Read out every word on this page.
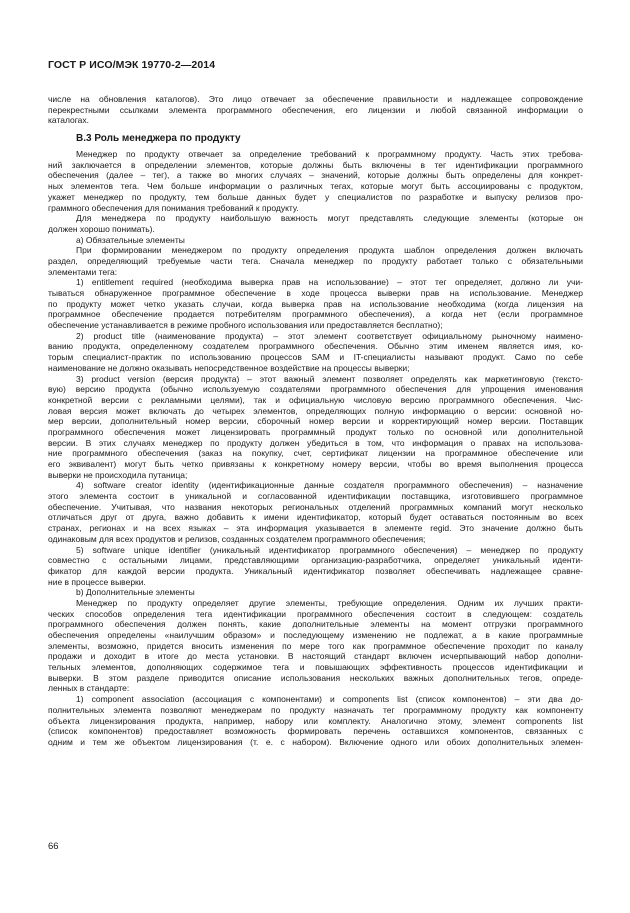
ГОСТ Р ИСО/МЭК 19770-2—2014
числе на обновления каталогов). Это лицо отвечает за обеспечение правильности и надлежащее сопровождение
перекрестными ссылками элемента программного обеспечения, его лицензии и любой связанной информации о
каталогах.
В.3 Роль менеджера по продукту
Менеджер по продукту отвечает за определение требований к программному продукту. Часть этих требова-
ний заключается в определении элементов, которые должны быть включены в тег идентификации программного
обеспечения (далее – тег), а также во многих случаях – значений, которые должны быть определены для конкрет-
ных элементов тега. Чем больше информации о различных тегах, которые могут быть ассоциированы с продуктом,
укажет менеджер по продукту, тем больше данных будет у специалистов по разработке и выпуску релизов про-
граммного обеспечения для понимания требований к продукту.
Для менеджера по продукту наибольшую важность могут представлять следующие элементы (которые он
должен хорошо понимать).
а) Обязательные элементы
При формировании менеджером по продукту определения продукта шаблон определения должен включать
раздел, определяющий требуемые части тега. Сначала менеджер по продукту работает только с обязательными
элементами тега:
1) entitlement required (необходима выверка прав на использование) – этот тег определяет, должно ли учи-
тываться обнаруженное программное обеспечение в ходе процесса выверки прав на использование. Менеджер
по продукту может четко указать случаи, когда выверка прав на использование необходима (когда лицензия на
программное обеспечение продается потребителям программного обеспечения), а когда нет (если программное
обеспечение устанавливается в режиме пробного использования или предоставляется бесплатно);
2) product title (наименование продукта) – этот элемент соответствует официальному рыночному наимено-
ванию продукта, определенному создателем программного обеспечения. Обычно этим именем является имя, ко-
торым специалист-практик по использованию процессов SAM и IT-специалисты называют продукт. Само по себе
наименование не должно оказывать непосредственное воздействие на процессы выверки;
3) product version (версия продукта) – этот важный элемент позволяет определять как маркетинговую (тексто-
вую) версию продукта (обычно используемую создателями программного обеспечения для упрощения именования
конкретной версии с рекламными целями), так и официальную числовую версию программного обеспечения. Чис-
ловая версия может включать до четырех элементов, определяющих полную информацию о версии: основной но-
мер версии, дополнительный номер версии, сборочный номер версии и корректирующий номер версии. Поставщик
программного обеспечения может лицензировать программный продукт только по основной или дополнительной
версии. В этих случаях менеджер по продукту должен убедиться в том, что информация о правах на использова-
ние программного обеспечения (заказ на покупку, счет, сертификат лицензии на программное обеспечение или
его эквивалент) могут быть четко привязаны к конкретному номеру версии, чтобы во время выполнения процесса
выверки не происходила путаница;
4) software creator identity (идентификационные данные создателя программного обеспечения) – назначение
этого элемента состоит в уникальной и согласованной идентификации поставщика, изготовившего программное
обеспечение. Учитывая, что названия некоторых региональных отделений программных компаний могут несколько
отличаться друг от друга, важно добавить к имени идентификатор, который будет оставаться постоянным во всех
странах, регионах и на всех языках – эта информация указывается в элементе regid. Это значение должно быть
одинаковым для всех продуктов и релизов, созданных создателем программного обеспечения;
5) software unique identifier (уникальный идентификатор программного обеспечения) – менеджер по продукту
совместно с остальными лицами, представляющими организацию-разработчика, определяет уникальный иденти-
фикатор для каждой версии продукта. Уникальный идентификатор позволяет обеспечивать надлежащее сравне-
ние в процессе выверки.
b) Дополнительные элементы
Менеджер по продукту определяет другие элементы, требующие определения. Одним их лучших практи-
ческих способов определения тега идентификации программного обеспечения состоит в следующем: создатель
программного обеспечения должен понять, какие дополнительные элементы на момент отгрузки программного
обеспечения определены «наилучшим образом» и последующему изменению не подлежат, а в какие программные
элементы, возможно, придется вносить изменения по мере того как программное обеспечение проходит по каналу
продажи и доходит в итоге до места установки. В настоящий стандарт включен исчерпывающий набор дополни-
тельных элементов, дополняющих содержимое тега и повышающих эффективность процессов идентификации и
выверки. В этом разделе приводится описание использования нескольких важных дополнительных тегов, опреде-
ленных в стандарте:
1) component association (ассоциация с компонентами) и components list (список компонентов) – эти два до-
полнительных элемента позволяют менеджерам по продукту назначать тег программному продукту как компоненту
объекта лицензирования продукта, например, набору или комплекту. Аналогично этому, элемент components list
(список компонентов) предоставляет возможность формировать перечень оставшихся компонентов, связанных с
одним и тем же объектом лицензирования (т. е. с набором). Включение одного или обоих дополнительных элемен-
66
